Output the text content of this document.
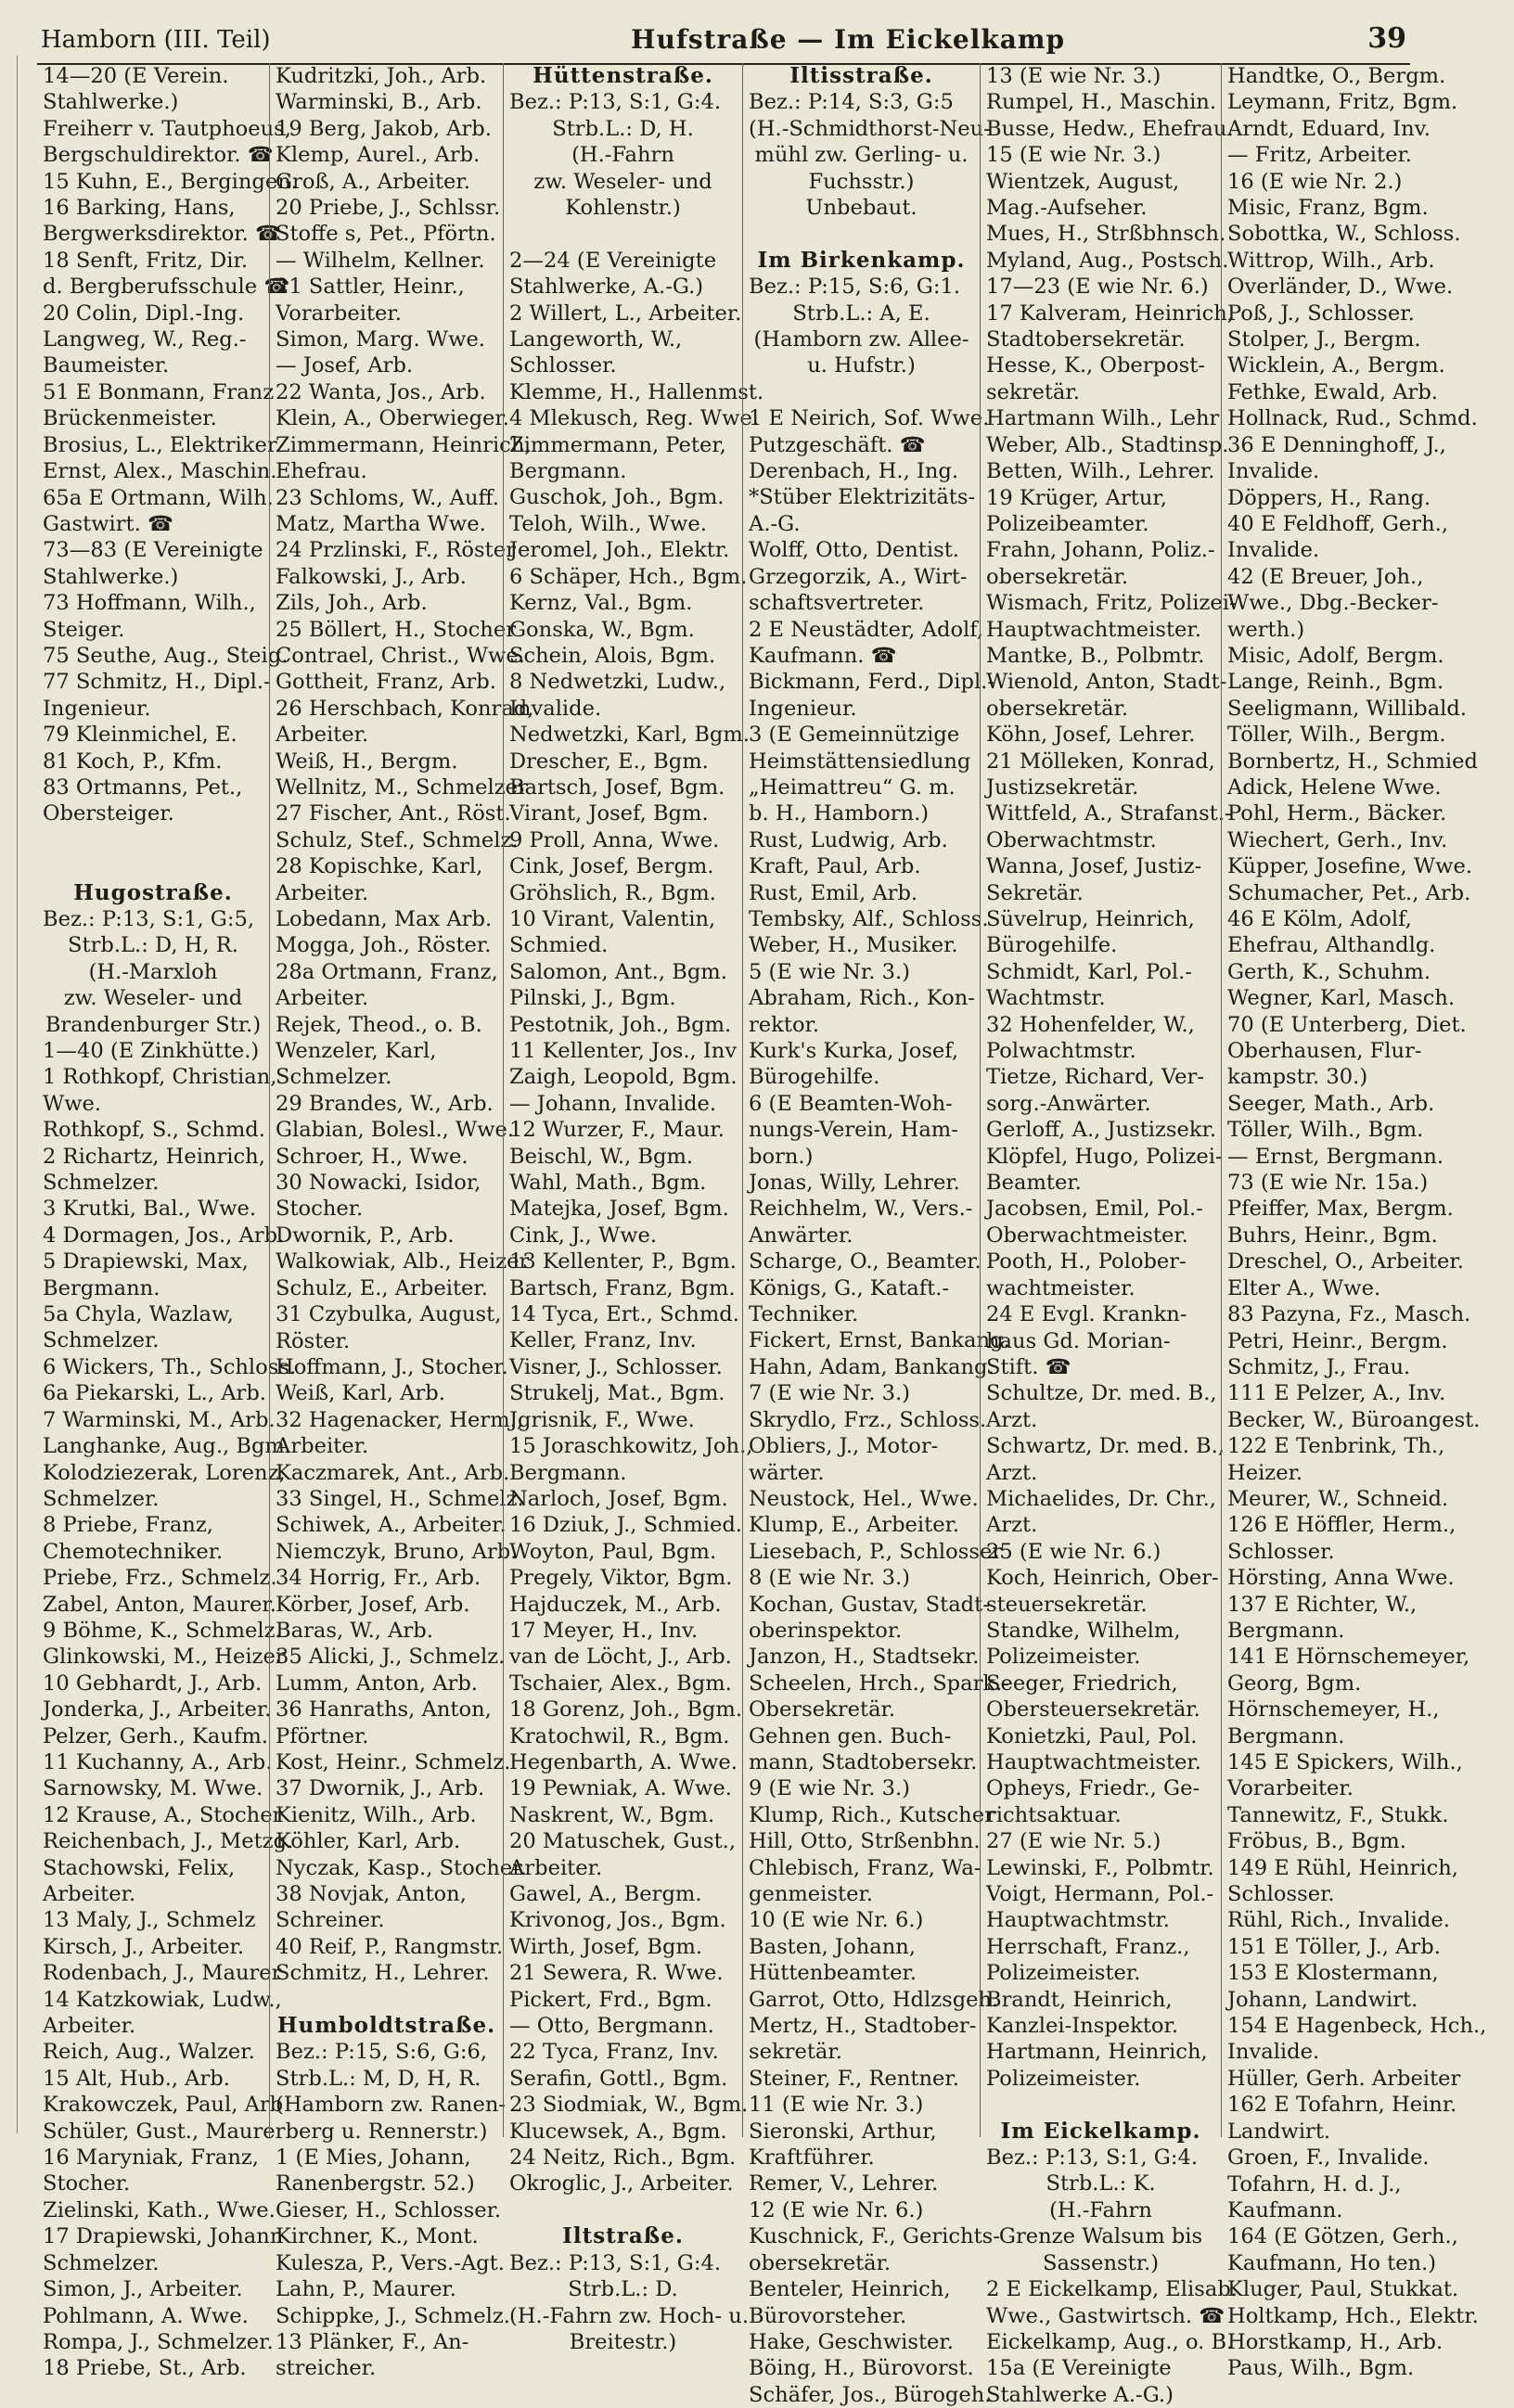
Hamborn (III. Teil)	Hufstraße — Im Eickelkamp	39
14—20 (E Verein.
Stahlwerke.)
Freiherr v. Tautphoeus,
Bergschuldirektor. ☎
15 Kuhn, E., Bergingen.
16 Barking, Hans,
Bergwerksdirektor. ☎
18 Senft, Fritz, Dir.
d. Bergberufsschule ☎
20 Colin, Dipl.-Ing.
Langweg, W., Reg.-
Baumeister.
51 E Bonmann, Franz
Brückenmeister.
Brosius, L., Elektriker.
Ernst, Alex., Maschin.
65a E Ortmann, Wilh.
Gastwirt. ☎
73—83 (E Vereinigte
Stahlwerke.)
73 Hoffmann, Wilh.,
Steiger.
75 Seuthe, Aug., Steig.
77 Schmitz, H., Dipl.-
Ingenieur.
79 Kleinmichel, E.
81 Koch, P., Kfm.
83 Ortmanns, Pet.,
Obersteiger.
Hugostraße.
Bez.: P:13, S:1, G:5,
Strb.L.: D, H, R.
(H.-Marxloh
zw. Weseler- und
Brandenburger Str.)
1—40 (E Zinkhütte.)
1 Rothkopf, Christian,
Wwe.
Rothkopf, S., Schmd.
2 Richartz, Heinrich,
Schmelzer.
3 Krutki, Bal., Wwe.
4 Dormagen, Jos., Arb.
5 Drapiewski, Max,
Bergmann.
5a Chyla, Wazlaw,
Schmelzer.
6 Wickers, Th., Schloss.
6a Piekarski, L., Arb.
7 Warminski, M., Arb.
Langhanke, Aug., Bgm.
Kolodziezerak, Lorenz,
Schmelzer.
8 Priebe, Franz,
Chemotechniker.
Priebe, Frz., Schmelz.
Zabel, Anton, Maurer.
9 Böhme, K., Schmelz.
Glinkowski, M., Heizer
10 Gebhardt, J., Arb.
Jonderka, J., Arbeiter.
Pelzer, Gerh., Kaufm.
11 Kuchanny, A., Arb.
Sarnowsky, M. Wwe.
12 Krause, A., Stocher
Reichenbach, J., Metzg.
Stachowski, Felix,
Arbeiter.
13 Maly, J., Schmelz
Kirsch, J., Arbeiter.
Rodenbach, J., Maurer
14 Katzkowiak, Ludw.,
Arbeiter.
Reich, Aug., Walzer.
15 Alt, Hub., Arb.
Krakowczek, Paul, Arb
Schüler, Gust., Maurer
16 Maryniak, Franz,
Stocher.
Zielinski, Kath., Wwe.
17 Drapiewski, Johann
Schmelzer.
Simon, J., Arbeiter.
Pohlmann, A. Wwe.
Rompa, J., Schmelzer.
18 Priebe, St., Arb.
Kudritzki, Joh., Arb.
Warminski, B., Arb.
19 Berg, Jakob, Arb.
Klemp, Aurel., Arb.
Groß, A., Arbeiter.
20 Priebe, J., Schlssr.
Stoffe s, Pet., Pförtn.
— Wilhelm, Kellner.
21 Sattler, Heinr.,
Vorarbeiter.
Simon, Marg. Wwe.
— Josef, Arb.
22 Wanta, Jos., Arb.
Klein, A., Oberwieger.
Zimmermann, Heinrich,
Ehefrau.
23 Schloms, W., Auff.
Matz, Martha Wwe.
24 Przlinski, F., Röster
Falkowski, J., Arb.
Zils, Joh., Arb.
25 Böllert, H., Stocher
Contrael, Christ., Wwe.
Gottheit, Franz, Arb.
26 Herschbach, Konrad,
Arbeiter.
Weiß, H., Bergm.
Wellnitz, M., Schmelzer
27 Fischer, Ant., Röst.
Schulz, Stef., Schmelz.
28 Kopischke, Karl,
Arbeiter.
Lobedann, Max Arb.
Mogga, Joh., Röster.
28a Ortmann, Franz,
Arbeiter.
Rejek, Theod., o. B.
Wenzeler, Karl,
Schmelzer.
29 Brandes, W., Arb.
Glabian, Bolesl., Wwe.
Schroer, H., Wwe.
30 Nowacki, Isidor,
Stocher.
Dwornik, P., Arb.
Walkowiak, Alb., Heizer
Schulz, E., Arbeiter.
31 Czybulka, August,
Röster.
Hoffmann, J., Stocher.
Weiß, Karl, Arb.
32 Hagenacker, Herm.,
Arbeiter.
Kaczmarek, Ant., Arb.
33 Singel, H., Schmelz.
Schiwek, A., Arbeiter.
Niemczyk, Bruno, Arb.
34 Horrig, Fr., Arb.
Körber, Josef, Arb.
Baras, W., Arb.
35 Alicki, J., Schmelz.
Lumm, Anton, Arb.
36 Hanraths, Anton,
Pförtner.
Kost, Heinr., Schmelz.
37 Dwornik, J., Arb.
Kienitz, Wilh., Arb.
Köhler, Karl, Arb.
Nyczak, Kasp., Stocher.
38 Novjak, Anton,
Schreiner.
40 Reif, P., Rangmstr.
Schmitz, H., Lehrer.
Humboldtstraße.
Bez.: P:15, S:6, G:6,
Strb.L.: M, D, H, R.
(Hamborn zw. Ranen-
berg u. Rennerstr.)
1 (E Mies, Johann,
Ranenbergstr. 52.)
Gieser, H., Schlosser.
Kirchner, K., Mont.
Kulesza, P., Vers.-Agt.
Lahn, P., Maurer.
Schippke, J., Schmelz.
13 Plänker, F., An-
streicher.
Hüttenstraße.
Bez.: P:13, S:1, G:4.
Strb.L.: D, H.
(H.-Fahrn
zw. Weseler- und
Kohlenstr.)
2—24 (E Vereinigte
Stahlwerke, A.-G.)
2 Willert, L., Arbeiter.
Langeworth, W.,
Schlosser.
Klemme, H., Hallenmst.
4 Mlekusch, Reg. Wwe.
Zimmermann, Peter,
Bergmann.
Guschok, Joh., Bgm.
Teloh, Wilh., Wwe.
Jeromel, Joh., Elektr.
6 Schäper, Hch., Bgm.
Kernz, Val., Bgm.
Gonska, W., Bgm.
Schein, Alois, Bgm.
8 Nedwetzki, Ludw.,
Invalide.
Nedwetzki, Karl, Bgm.
Drescher, E., Bgm.
Bartsch, Josef, Bgm.
Virant, Josef, Bgm.
9 Proll, Anna, Wwe.
Cink, Josef, Bergm.
Gröhslich, R., Bgm.
10 Virant, Valentin,
Schmied.
Salomon, Ant., Bgm.
Pilnski, J., Bgm.
Pestotnik, Joh., Bgm.
11 Kellenter, Jos., Inv
Zaigh, Leopold, Bgm.
— Johann, Invalide.
12 Wurzer, F., Maur.
Beischl, W., Bgm.
Wahl, Math., Bgm.
Matejka, Josef, Bgm.
Cink, J., Wwe.
13 Kellenter, P., Bgm.
Bartsch, Franz, Bgm.
14 Tyca, Ert., Schmd.
Keller, Franz, Inv.
Visner, J., Schlosser.
Strukelj, Mat., Bgm.
Jgrisnik, F., Wwe.
15 Joraschkowitz, Joh.,
Bergmann.
Narloch, Josef, Bgm.
16 Dziuk, J., Schmied.
Woyton, Paul, Bgm.
Pregely, Viktor, Bgm.
Hajduczek, M., Arb.
17 Meyer, H., Inv.
van de Löcht, J., Arb.
Tschaier, Alex., Bgm.
18 Gorenz, Joh., Bgm.
Kratochwil, R., Bgm.
Hegenbarth, A. Wwe.
19 Pewniak, A. Wwe.
Naskrent, W., Bgm.
20 Matuschek, Gust.,
Arbeiter.
Gawel, A., Bergm.
Krivonog, Jos., Bgm.
Wirth, Josef, Bgm.
21 Sewera, R. Wwe.
Pickert, Frd., Bgm.
— Otto, Bergmann.
22 Tyca, Franz, Inv.
Serafin, Gottl., Bgm.
23 Siodmiak, W., Bgm.
Klucewsek, A., Bgm.
24 Neitz, Rich., Bgm.
Okroglic, J., Arbeiter.
Iltstraße.
Bez.: P:13, S:1, G:4.
Strb.L.: D.
(H.-Fahrn zw. Hoch- u.
Breitestr.)
Iltisstraße.
Bez.: P:14, S:3, G:5
(H.-Schmidthorst-Neu-
mühl zw. Gerling- u.
Fuchsstr.)
Unbebaut.
Im Birkenkamp.
Bez.: P:15, S:6, G:1.
Strb.L.: A, E.
(Hamborn zw. Allee-
u. Hufstr.)
1 E Neirich, Sof. Wwe.
Putzgeschäft. ☎
Derenbach, H., Ing.
*Stüber Elektrizitäts-
A.-G.
Wolff, Otto, Dentist.
Grzegorzik, A., Wirt-
schaftsvertreter.
2 E Neustädter, Adolf,
Kaufmann. ☎
Bickmann, Ferd., Dipl.-
Ingenieur.
3 (E Gemeinnützige
Heimstättensiedlung
„Heimattreu“ G. m.
b. H., Hamborn.)
Rust, Ludwig, Arb.
Kraft, Paul, Arb.
Rust, Emil, Arb.
Tembsky, Alf., Schloss.
Weber, H., Musiker.
5 (E wie Nr. 3.)
Abraham, Rich., Kon-
rektor.
Kurk's Kurka, Josef,
Bürogehilfe.
6 (E Beamten-Woh-
nungs-Verein, Ham-
born.)
Jonas, Willy, Lehrer.
Reichhelm, W., Vers.-
Anwärter.
Scharge, O., Beamter.
Königs, G., Kataft.-
Techniker.
Fickert, Ernst, Bankang.
Hahn, Adam, Bankang.
7 (E wie Nr. 3.)
Skrydlo, Frz., Schloss.
Obliers, J., Motor-
wärter.
Neustock, Hel., Wwe.
Klump, E., Arbeiter.
Liesebach, P., Schlosser
8 (E wie Nr. 3.)
Kochan, Gustav, Stadt-
oberinspektor.
Janzon, H., Stadtsekr.
Scheelen, Hrch., Spark.-
Obersekretär.
Gehnen gen. Buch-
mann, Stadtobersekr.
9 (E wie Nr. 3.)
Klump, Rich., Kutscher
Hill, Otto, Strßenbhn.
Chlebisch, Franz, Wa-
genmeister.
10 (E wie Nr. 6.)
Basten, Johann,
Hüttenbeamter.
Garrot, Otto, Hdlzsgeh.
Mertz, H., Stadtober-
sekretär.
Steiner, F., Rentner.
11 (E wie Nr. 3.)
Sieronski, Arthur,
Kraftführer.
Remer, V., Lehrer.
12 (E wie Nr. 6.)
Kuschnick, F., Gerichts-
obersekretär.
Benteler, Heinrich,
Bürovorsteher.
Hake, Geschwister.
Böing, H., Bürovorst.
Schäfer, Jos., Bürogeh.
13 (E wie Nr. 3.)
Rumpel, H., Maschin.
Busse, Hedw., Ehefrau.
15 (E wie Nr. 3.)
Wientzek, August,
Mag.-Aufseher.
Mues, H., Strßbhnsch.
Myland, Aug., Postsch.
17—23 (E wie Nr. 6.)
17 Kalveram, Heinrich,
Stadtobersekretär.
Hesse, K., Oberpost-
sekretär.
Hartmann Wilh., Lehr
Weber, Alb., Stadtinsp.
Betten, Wilh., Lehrer.
19 Krüger, Artur,
Polizeibeamter.
Frahn, Johann, Poliz.-
obersekretär.
Wismach, Fritz, Polizei-
Hauptwachtmeister.
Mantke, B., Polbmtr.
Wienold, Anton, Stadt-
obersekretär.
Köhn, Josef, Lehrer.
21 Mölleken, Konrad,
Justizsekretär.
Wittfeld, A., Strafanst.-
Oberwachtmstr.
Wanna, Josef, Justiz-
Sekretär.
Süvelrup, Heinrich,
Bürogehilfe.
Schmidt, Karl, Pol.-
Wachtmstr.
32 Hohenfelder, W.,
Polwachtmstr.
Tietze, Richard, Ver-
sorg.-Anwärter.
Gerloff, A., Justizsekr.
Klöpfel, Hugo, Polizei-
Beamter.
Jacobsen, Emil, Pol.-
Oberwachtmeister.
Pooth, H., Polober-
wachtmeister.
24 E Evgl. Krankn-
haus Gd. Morian-
Stift. ☎
Schultze, Dr. med. B.,
Arzt.
Schwartz, Dr. med. B.,
Arzt.
Michaelides, Dr. Chr.,
Arzt.
25 (E wie Nr. 6.)
Koch, Heinrich, Ober-
steuersekretär.
Standke, Wilhelm,
Polizeimeister.
Seeger, Friedrich,
Obersteuersekretär.
Konietzki, Paul, Pol.
Hauptwachtmeister.
Opheys, Friedr., Ge-
richtsaktuar.
27 (E wie Nr. 5.)
Lewinski, F., Polbmtr.
Voigt, Hermann, Pol.-
Hauptwachtmstr.
Herrschaft, Franz.,
Polizeimeister.
Brandt, Heinrich,
Kanzlei-Inspektor.
Hartmann, Heinrich,
Polizeimeister.
Im Eickelkamp.
Bez.: P:13, S:1, G:4.
Strb.L.: K.
(H.-Fahrn
Grenze Walsum bis
Sassenstr.)
2 E Eickelkamp, Elisab.
Wwe., Gastwirtsch. ☎
Eickelkamp, Aug., o. B.
15a (E Vereinigte
Stahlwerke A.-G.)
Handtke, O., Bergm.
Leymann, Fritz, Bgm.
Arndt, Eduard, Inv.
— Fritz, Arbeiter.
16 (E wie Nr. 2.)
Misic, Franz, Bgm.
Sobottka, W., Schloss.
Wittrop, Wilh., Arb.
Overländer, D., Wwe.
Poß, J., Schlosser.
Stolper, J., Bergm.
Wicklein, A., Bergm.
Fethke, Ewald, Arb.
Hollnack, Rud., Schmd.
36 E Denninghoff, J.,
Invalide.
Döppers, H., Rang.
40 E Feldhoff, Gerh.,
Invalide.
42 (E Breuer, Joh.,
Wwe., Dbg.-Becker-
werth.)
Misic, Adolf, Bergm.
Lange, Reinh., Bgm.
Seeligmann, Willibald.
Töller, Wilh., Bergm.
Bornbertz, H., Schmied
Adick, Helene Wwe.
Pohl, Herm., Bäcker.
Wiechert, Gerh., Inv.
Küpper, Josefine, Wwe.
Schumacher, Pet., Arb.
46 E Kölm, Adolf,
Ehefrau, Althandlg.
Gerth, K., Schuhm.
Wegner, Karl, Masch.
70 (E Unterberg, Diet.
Oberhausen, Flur-
kampstr. 30.)
Seeger, Math., Arb.
Töller, Wilh., Bgm.
— Ernst, Bergmann.
73 (E wie Nr. 15a.)
Pfeiffer, Max, Bergm.
Buhrs, Heinr., Bgm.
Dreschel, O., Arbeiter.
Elter A., Wwe.
83 Pazyna, Fz., Masch.
Petri, Heinr., Bergm.
Schmitz, J., Frau.
111 E Pelzer, A., Inv.
Becker, W., Büroangest.
122 E Tenbrink, Th.,
Heizer.
Meurer, W., Schneid.
126 E Höffler, Herm.,
Schlosser.
Hörsting, Anna Wwe.
137 E Richter, W.,
Bergmann.
141 E Hörnschemeyer,
Georg, Bgm.
Hörnschemeyer, H.,
Bergmann.
145 E Spickers, Wilh.,
Vorarbeiter.
Tannewitz, F., Stukk.
Fröbus, B., Bgm.
149 E Rühl, Heinrich,
Schlosser.
Rühl, Rich., Invalide.
151 E Töller, J., Arb.
153 E Klostermann,
Johann, Landwirt.
154 E Hagenbeck, Hch.,
Invalide.
Hüller, Gerh. Arbeiter
162 E Tofahrn, Heinr.
Landwirt.
Groen, F., Invalide.
Tofahrn, H. d. J.,
Kaufmann.
164 (E Götzen, Gerh.,
Kaufmann, Ho ten.)
Kluger, Paul, Stukkat.
Holtkamp, Hch., Elektr.
Horstkamp, H., Arb.
Paus, Wilh., Bgm.
